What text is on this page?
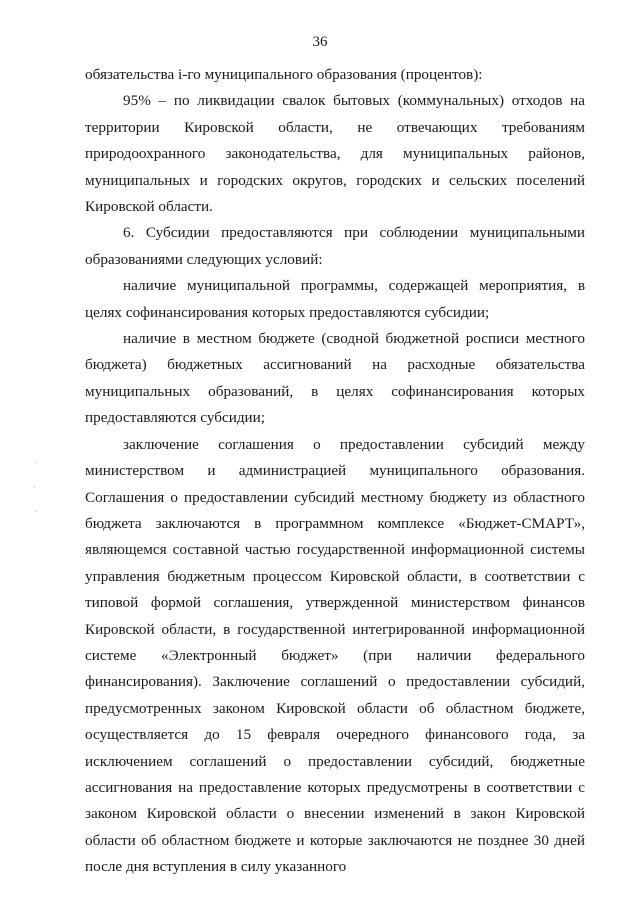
36

обязательства i-го муниципального образования (процентов):

95% – по ликвидации свалок бытовых (коммунальных) отходов на территории Кировской области, не отвечающих требованиям природоохранного законодательства, для муниципальных районов, муниципальных и городских округов, городских и сельских поселений Кировской области.

6. Субсидии предоставляются при соблюдении муниципальными образованиями следующих условий:

наличие муниципальной программы, содержащей мероприятия, в целях софинансирования которых предоставляются субсидии;

наличие в местном бюджете (сводной бюджетной росписи местного бюджета) бюджетных ассигнований на расходные обязательства муниципальных образований, в целях софинансирования которых предоставляются субсидии;

заключение соглашения о предоставлении субсидий между министерством и администрацией муниципального образования. Соглашения о предоставлении субсидий местному бюджету из областного бюджета заключаются в программном комплексе «Бюджет-СМАРТ», являющемся составной частью государственной информационной системы управления бюджетным процессом Кировской области, в соответствии с типовой формой соглашения, утвержденной министерством финансов Кировской области, в государственной интегрированной информационной системе «Электронный бюджет» (при наличии федерального финансирования). Заключение соглашений о предоставлении субсидий, предусмотренных законом Кировской области об областном бюджете, осуществляется до 15 февраля очередного финансового года, за исключением соглашений о предоставлении субсидий, бюджетные ассигнования на предоставление которых предусмотрены в соответствии с законом Кировской области о внесении изменений в закон Кировской области об областном бюджете и которые заключаются не позднее 30 дней после дня вступления в силу указанного

·
·
·
